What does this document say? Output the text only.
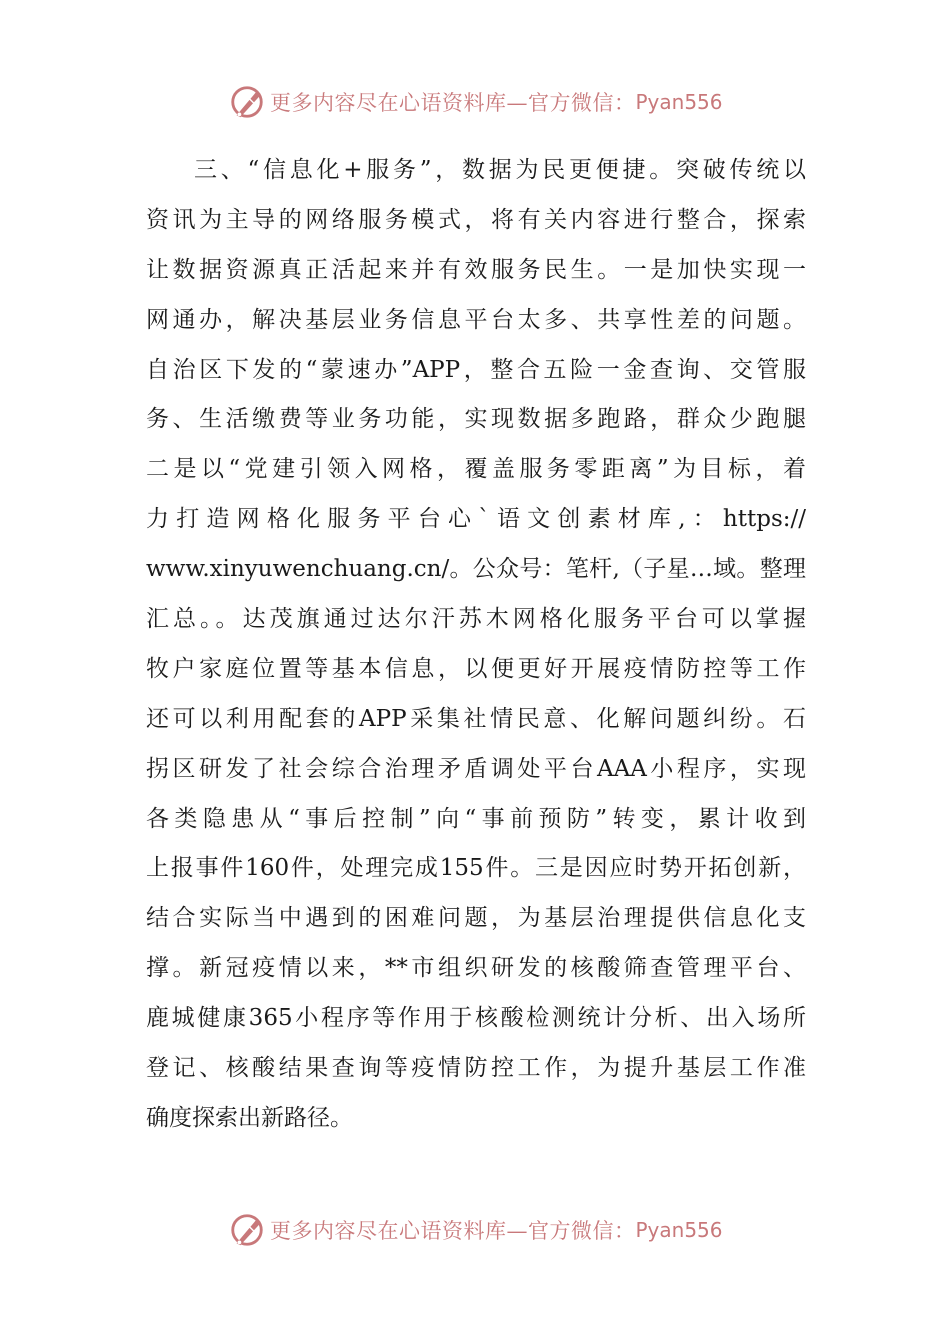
更多内容尽在心语资料库—官方微信： Pyan556
三、“信息化+服务”，数据为民更便捷。突破传统以
资讯为主导的网络服务模式，将有关内容进行整合，探索
让数据资源真正活起来并有效服务民生。一是加快实现一
网通办，解决基层业务信息平台太多、共享性差的问题。
自治区下发的“蒙速办”APP，整合五险一金查询、交管服
务、生活缴费等业务功能，实现数据多跑路，群众少跑腿
二是以“党建引领入网格，覆盖服务零距离”为目标，着
力打造网格化服务平台心`语文创素材库,：https://
www.xinyuwenchuang.cn/。公众号：笔杆,（子星…域。整理
汇总。。达茂旗通过达尔汗苏木网格化服务平台可以掌握
牧户家庭位置等基本信息，以便更好开展疫情防控等工作
还可以利用配套的APP采集社情民意、化解问题纠纷。石
拐区研发了社会综合治理矛盾调处平台AAA小程序，实现
各类隐患从“事后控制”向“事前预防”转变，累计收到
上报事件160件，处理完成155件。三是因应时势开拓创新，
结合实际当中遇到的困难问题，为基层治理提供信息化支
撑。新冠疫情以来，**市组织研发的核酸筛查管理平台、
鹿城健康365小程序等作用于核酸检测统计分析、出入场所
登记、核酸结果查询等疫情防控工作，为提升基层工作准
确度探索出新路径。
更多内容尽在心语资料库—官方微信： Pyan556
